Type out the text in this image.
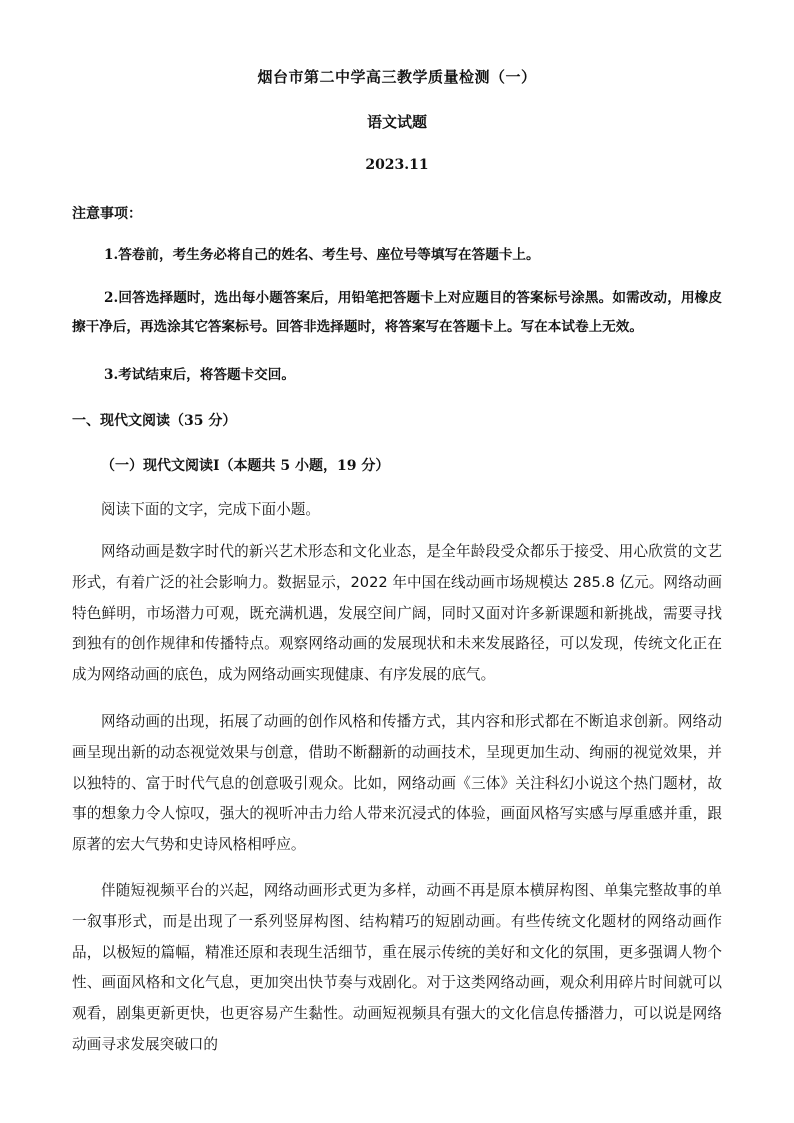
烟台市第二中学高三教学质量检测（一）
语文试题
2023.11
注意事项：

1.答卷前，考生务必将自己的姓名、考生号、座位号等填写在答题卡上。

2.回答选择题时，选出每小题答案后，用铅笔把答题卡上对应题目的答案标号涂黑。如需改动，用橡皮擦干净后，再选涂其它答案标号。回答非选择题时，将答案写在答题卡上。写在本试卷上无效。

3.考试结束后，将答题卡交回。

一、现代文阅读（35 分）
（一）现代文阅读Ⅰ（本题共 5 小题，19 分）
阅读下面的文字，完成下面小题。

网络动画是数字时代的新兴艺术形态和文化业态，是全年龄段受众都乐于接受、用心欣赏的文艺形式，有着广泛的社会影响力。数据显示，2022 年中国在线动画市场规模达 285.8 亿元。网络动画特色鲜明，市场潜力可观，既充满机遇，发展空间广阔，同时又面对许多新课题和新挑战，需要寻找到独有的创作规律和传播特点。观察网络动画的发展现状和未来发展路径，可以发现，传统文化正在成为网络动画的底色，成为网络动画实现健康、有序发展的底气。

网络动画的出现，拓展了动画的创作风格和传播方式，其内容和形式都在不断追求创新。网络动画呈现出新的动态视觉效果与创意，借助不断翻新的动画技术，呈现更加生动、绚丽的视觉效果，并以独特的、富于时代气息的创意吸引观众。比如，网络动画《三体》关注科幻小说这个热门题材，故事的想象力令人惊叹，强大的视听冲击力给人带来沉浸式的体验，画面风格写实感与厚重感并重，跟原著的宏大气势和史诗风格相呼应。

伴随短视频平台的兴起，网络动画形式更为多样，动画不再是原本横屏构图、单集完整故事的单一叙事形式，而是出现了一系列竖屏构图、结构精巧的短剧动画。有些传统文化题材的网络动画作品，以极短的篇幅，精准还原和表现生活细节，重在展示传统的美好和文化的氛围，更多强调人物个性、画面风格和文化气息，更加突出快节奏与戏剧化。对于这类网络动画，观众利用碎片时间就可以观看，剧集更新更快，也更容易产生黏性。动画短视频具有强大的文化信息传播潜力，可以说是网络动画寻求发展突破口的
